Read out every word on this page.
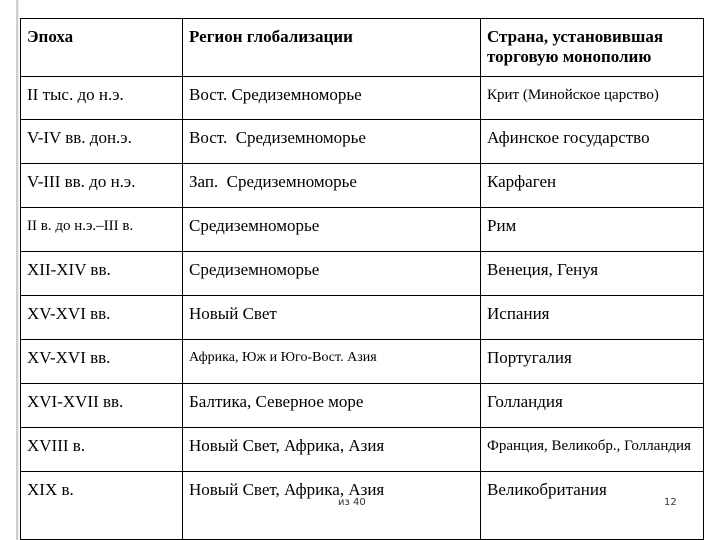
Эпоха	Регион глобализации	Страна, установившая торговую монополию
II тыс. до н.э.	Вост. Средиземноморье	Крит (Минойское царство)
V-IV вв. дон.э.	Вост.  Средиземноморье	Афинское государство
V-III вв. до н.э.	Зап.  Средиземноморье	Карфаген
II в. до н.э.–III в.	Средиземноморье	Рим
XII-XIV вв.	Средиземноморье	Венеция, Генуя
XV-XVI вв.	Новый Свет	Испания
XV-XVI вв.	Африка, Юж и Юго-Вост. Азия	Португалия
XVI-XVII вв.	Балтика, Северное море	Голландия
XVIII в.	Новый Свет, Африка, Азия	Франция, Великобр., Голландия
XIX в.	Новый Свет, Африка, Азия	Великобритания
из 40	12
